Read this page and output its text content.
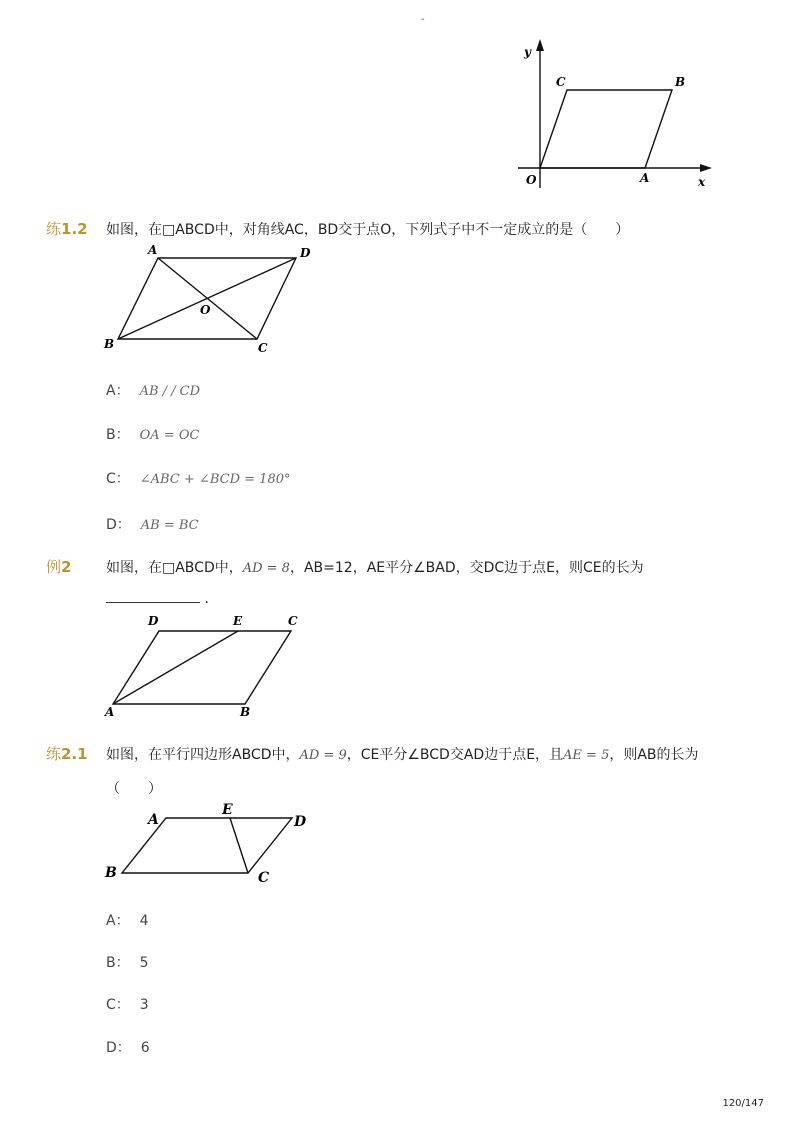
-
y
x
O	A
B
C
练1.2 如图，在□ABCD中，对角线AC，BD交于点O，下列式子中不一定成立的是（　　）
A	D
B	C
O
A： AB / / CD
B： OA = OC
C： ∠ABC + ∠BCD = 180°
D： AB = BC
例2 如图，在□ABCD中，AD = 8，AB=12，AE平分∠BAD，交DC边于点E，则CE的长为
.
D	E	C
A	B
练2.1 如图，在平行四边形ABCD中，AD = 9，CE平分∠BCD交AD边于点E，且AE = 5，则AB的长为
（　　）
A
E
D
B	C
A： 4
B： 5
C： 3
D： 6
120/147
